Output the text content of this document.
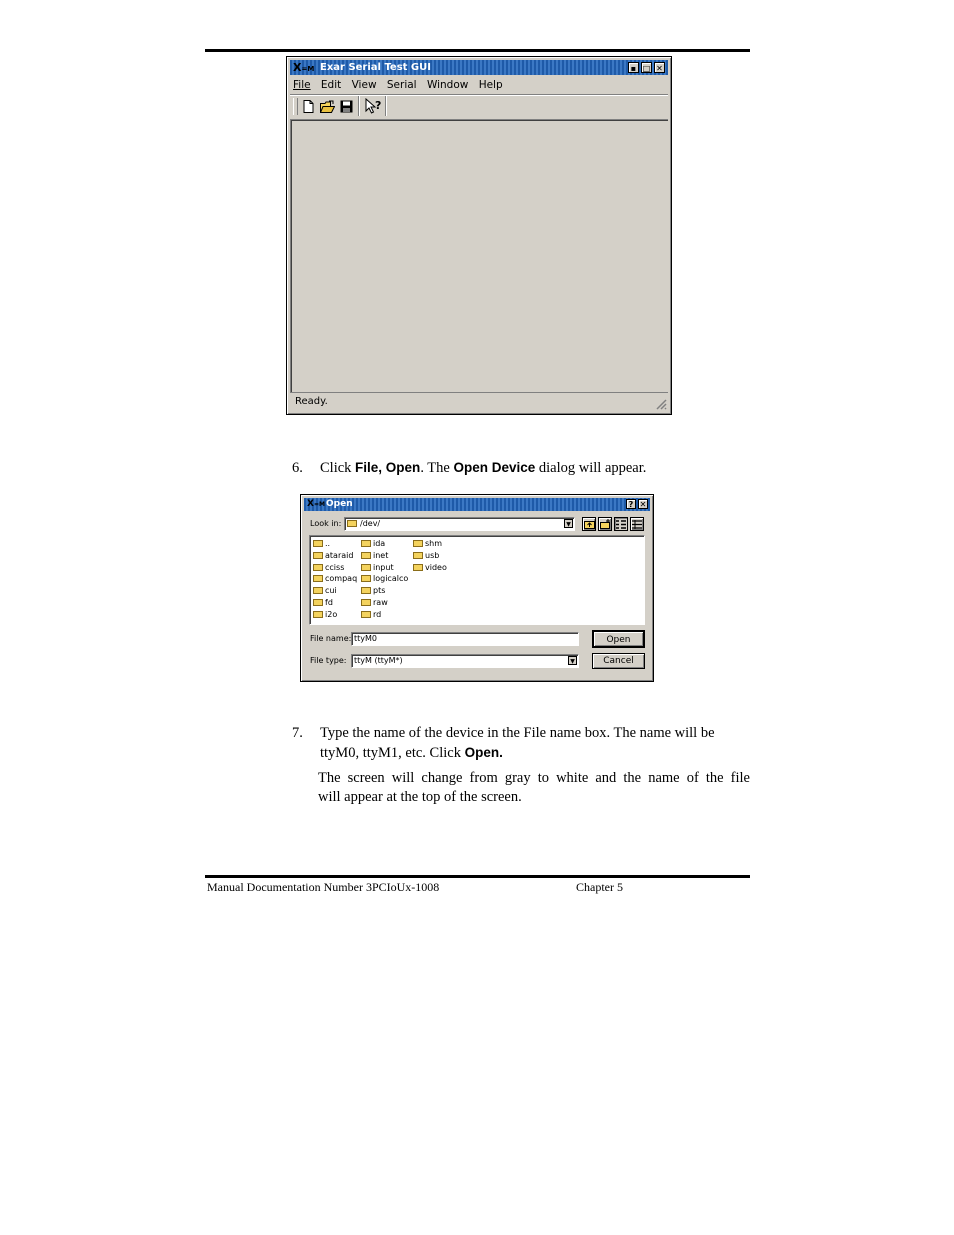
X=M Exar Serial Test GUI	▪ □ ✕
File Edit View Serial Window Help
?
Ready.
6. Click File, Open. The Open Device dialog will appear.
X=M Open	? ✕
Look in: /dev/	▼
..
ataraid
cciss
compaq
cui
fd
i2o
ida
inet
input
logicalco
pts
raw
rd
shm
usb
video
File name: ttyM0	Open
File type: ttyM (ttyM*)	▼	Cancel
7. Type the name of the device in the File name box. The name will be
ttyM0, ttyM1, etc. Click Open.
The screen will change from gray to white and the name of the file
will appear at the top of the screen.
Manual Documentation Number 3PCIoUx-1008	Chapter 5
